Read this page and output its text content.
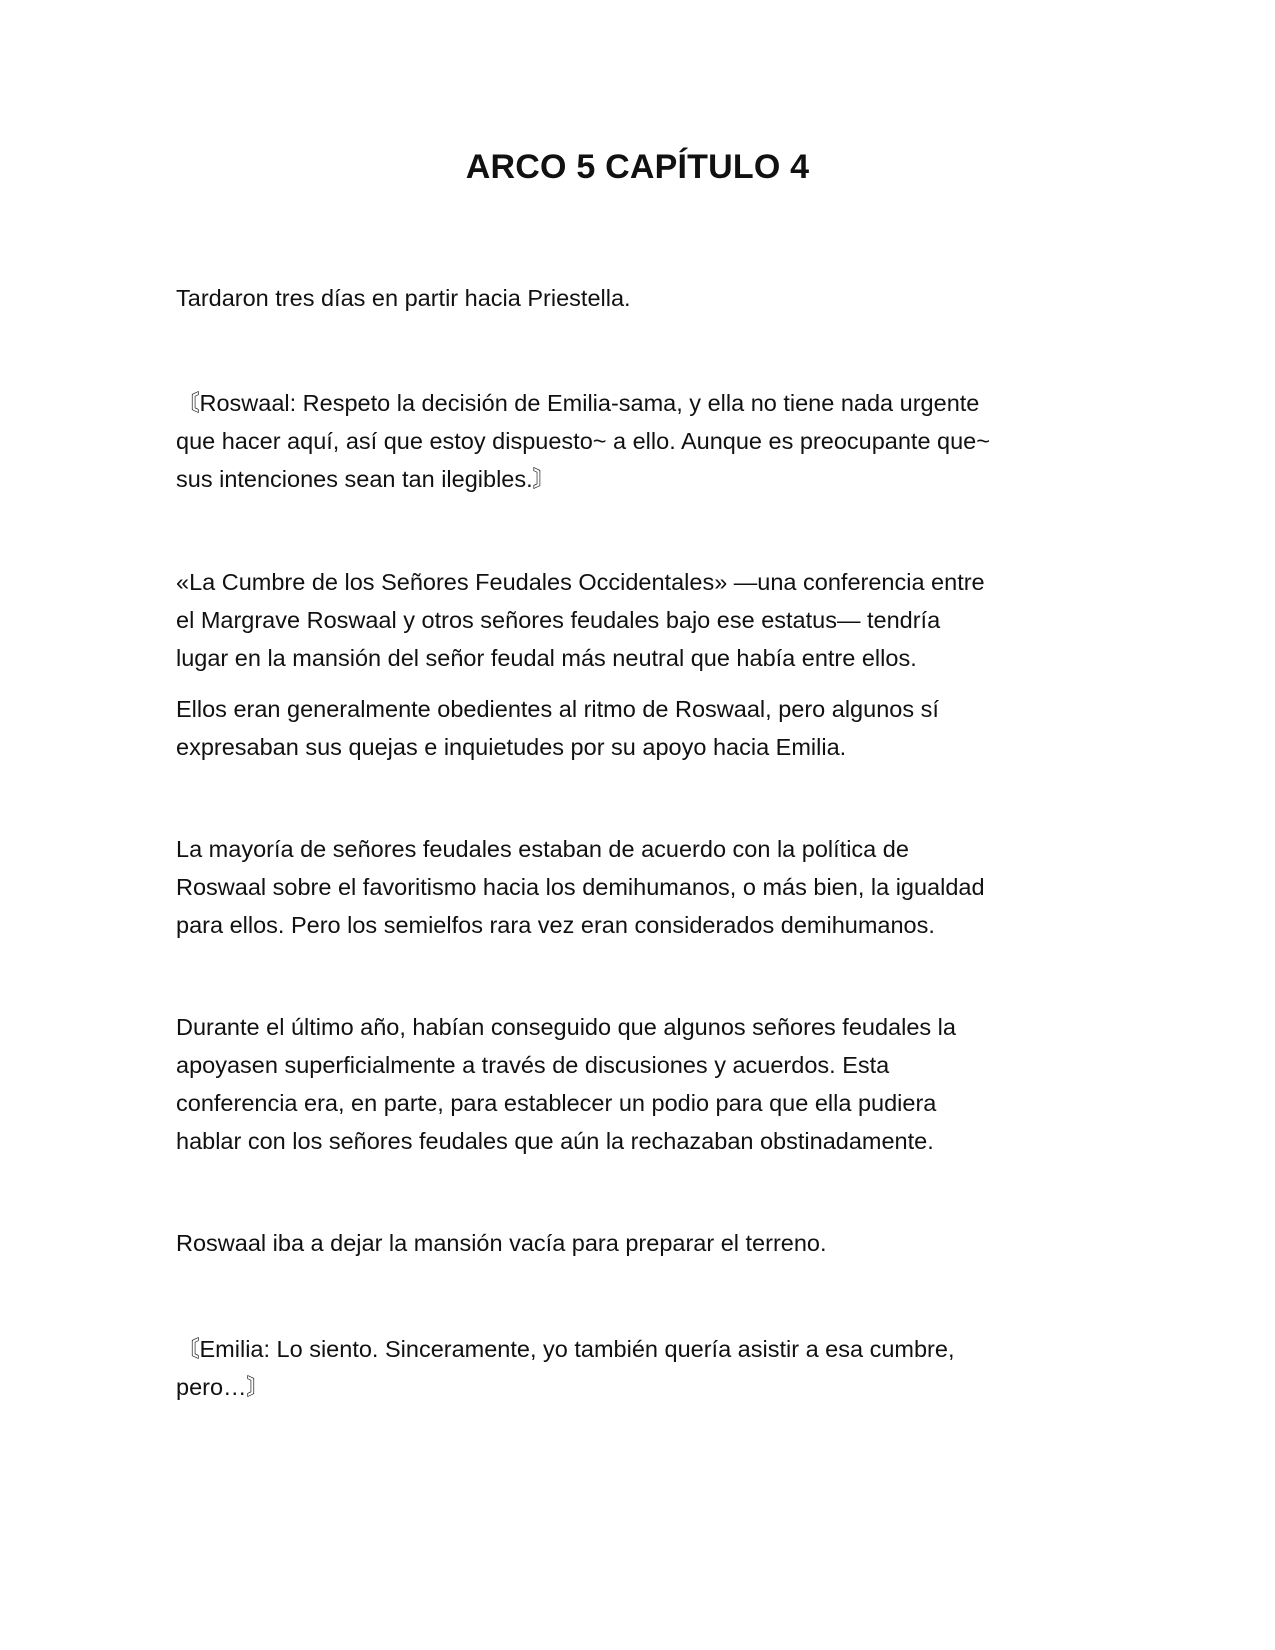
ARCO 5 CAPÍTULO 4

Tardaron tres días en partir hacia Priestella.

〘Roswaal: Respeto la decisión de Emilia-sama, y ella no tiene nada urgente
que hacer aquí, así que estoy dispuesto~ a ello. Aunque es preocupante que~
sus intenciones sean tan ilegibles.〙

«La Cumbre de los Señores Feudales Occidentales» —una conferencia entre
el Margrave Roswaal y otros señores feudales bajo ese estatus— tendría
lugar en la mansión del señor feudal más neutral que había entre ellos.

Ellos eran generalmente obedientes al ritmo de Roswaal, pero algunos sí
expresaban sus quejas e inquietudes por su apoyo hacia Emilia.

La mayoría de señores feudales estaban de acuerdo con la política de
Roswaal sobre el favoritismo hacia los demihumanos, o más bien, la igualdad
para ellos. Pero los semielfos rara vez eran considerados demihumanos.

Durante el último año, habían conseguido que algunos señores feudales la
apoyasen superficialmente a través de discusiones y acuerdos. Esta
conferencia era, en parte, para establecer un podio para que ella pudiera
hablar con los señores feudales que aún la rechazaban obstinadamente.

Roswaal iba a dejar la mansión vacía para preparar el terreno.

〘Emilia: Lo siento. Sinceramente, yo también quería asistir a esa cumbre,
pero…〙
